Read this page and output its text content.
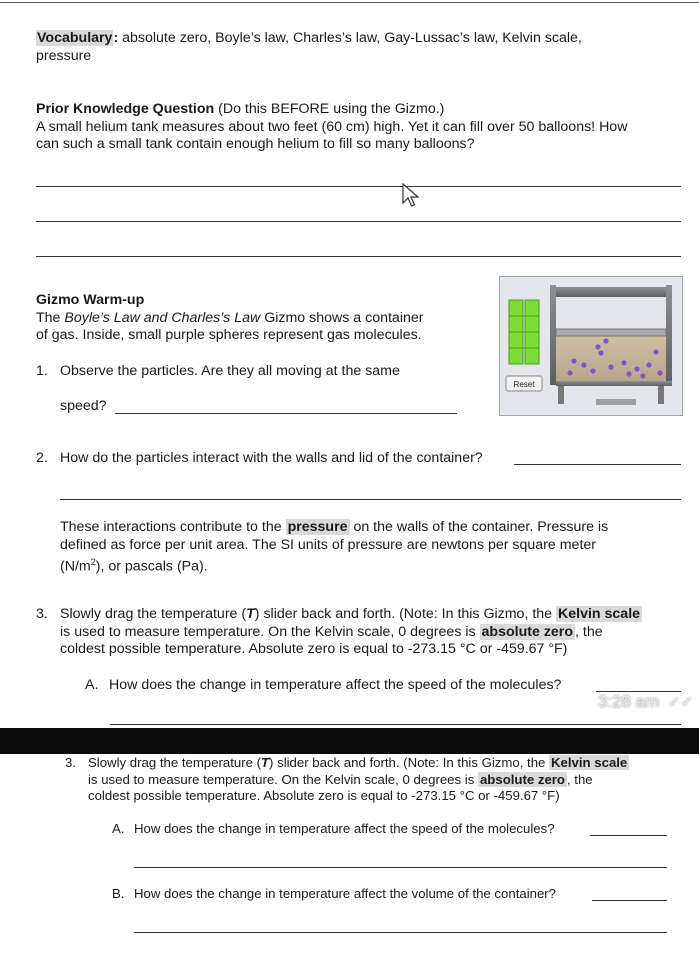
Vocabulary: absolute zero, Boyle’s law, Charles’s law, Gay-Lussac’s law, Kelvin scale,

pressure

Prior Knowledge Question (Do this BEFORE using the Gizmo.)

A small helium tank measures about two feet (60 cm) high. Yet it can fill over 50 balloons! How

can such a small tank contain enough helium to fill so many balloons?

Gizmo Warm-up

The Boyle’s Law and Charles’s Law Gizmo shows a container

of gas. Inside, small purple spheres represent gas molecules.

1. Observe the particles. Are they all moving at the same
speed?
Reset
2. How do the particles interact with the walls and lid of the container?

These interactions contribute to the pressure on the walls of the container. Pressure is

defined as force per unit area. The SI units of pressure are newtons per square meter

$(N/m^2)$, or pascals (Pa).

3. Slowly drag the temperature (T) slider back and forth. (Note: In this Gizmo, the Kelvin scale

is used to measure temperature. On the Kelvin scale, 0 degrees is absolute zero , the

coldest possible temperature. Absolute zero is equal to -273.15 °C or -459.67 °F)

A. How does the change in temperature affect the speed of the molecules?
3:28 am ✓✓
3. Slowly drag the temperature (T) slider back and forth. (Note: In this Gizmo, the Kelvin scale

is used to measure temperature. On the Kelvin scale, 0 degrees is absolute zero , the

coldest possible temperature. Absolute zero is equal to -273.15 °C or -459.67 °F)

A. How does the change in temperature affect the speed of the molecules?
B. How does the change in temperature affect the volume of the container?
